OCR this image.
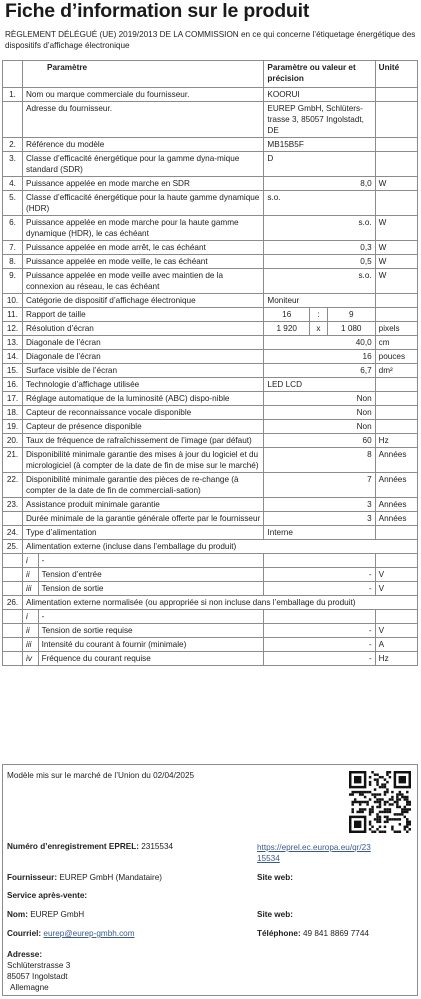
Fiche d’information sur le produit
RÈGLEMENT DÉLÉGUÉ (UE) 2019/2013 DE LA COMMISSION en ce qui concerne l’étiquetage énergétique des dispositifs d’affichage électronique
	Paramètre		Paramètre ou valeur et précision			Unité
1.	Nom ou marque commerciale du fournisseur.		KOORUI			
	Adresse du fournisseur.		EUREP GmbH, Schlüters-trasse 3, 85057 Ingolstadt, DE			
2.	Référence du modèle		MB15B5F			
3.	Classe d’efficacité énergétique pour la gamme dyna-mique standard (SDR)		D			
4.	Puissance appelée en mode marche en SDR		8,0			W
5.	Classe d’efficacité énergétique pour la haute gamme dynamique (HDR)		s.o.			
6.	Puissance appelée en mode marche pour la haute gamme dynamique (HDR), le cas échéant		s.o.			W
7.	Puissance appelée en mode arrêt, le cas échéant		0,3			W
8.	Puissance appelée en mode veille, le cas échéant		0,5			W
9.	Puissance appelée en mode veille avec maintien de la connexion au réseau, le cas échéant		s.o.			W
10.	Catégorie de dispositif d’affichage électronique		Moniteur			
11.	Rapport de taille		16	:	9	
12.	Résolution d’écran		1 920	x	1 080	pixels
13.	Diagonale de l’écran		40,0			cm
14.	Diagonale de l’écran		16			pouces
15.	Surface visible de l’écran		6,7			dm²
16.	Technologie d’affichage utilisée		LED LCD			
17.	Réglage automatique de la luminosité (ABC) dispo-nible		Non			
18.	Capteur de reconnaissance vocale disponible		Non			
19.	Capteur de présence disponible		Non			
20.	Taux de fréquence de rafraîchissement de l’image (par défaut)		60			Hz
21.	Disponibilité minimale garantie des mises à jour du logiciel et du micrologiciel (à compter de la date de fin de mise sur le marché)		8			Années
22.	Disponibilité minimale garantie des pièces de re-change (à compter de la date de fin de commerciali-sation)		7			Années
23.	Assistance produit minimale garantie		3			Années
	Durée minimale de la garantie générale offerte par le fournisseur		3			Années
24.	Type d’alimentation		Interne			
25.	Alimentation externe (incluse dans l’emballage du produit)					
	i	-				
	ii	Tension d’entrée	-			V
	iii	Tension de sortie	-			V
26.	Alimentation externe normalisée (ou appropriée si non incluse dans l’emballage du produit)					
	i	-				
	ii	Tension de sortie requise	-			V
	iii	Intensité du courant à fournir (minimale)	-			A
	iv	Fréquence du courant requise	-			Hz
Modèle mis sur le marché de l’Union du 02/04/2025
Numéro d’enregistrement EPREL: 2315534	https://eprel.ec.europa.eu/qr/23
15534
Fournisseur: EUREP GmbH (Mandataire)	Site web:
Service après-vente:
Nom: EUREP GmbH	Site web:
Courriel: eurep@eurep-gmbh.com	Téléphone: 49 841 8869 7744
Adresse:
Schlüterstrasse 3
85057 Ingolstadt
Allemagne
